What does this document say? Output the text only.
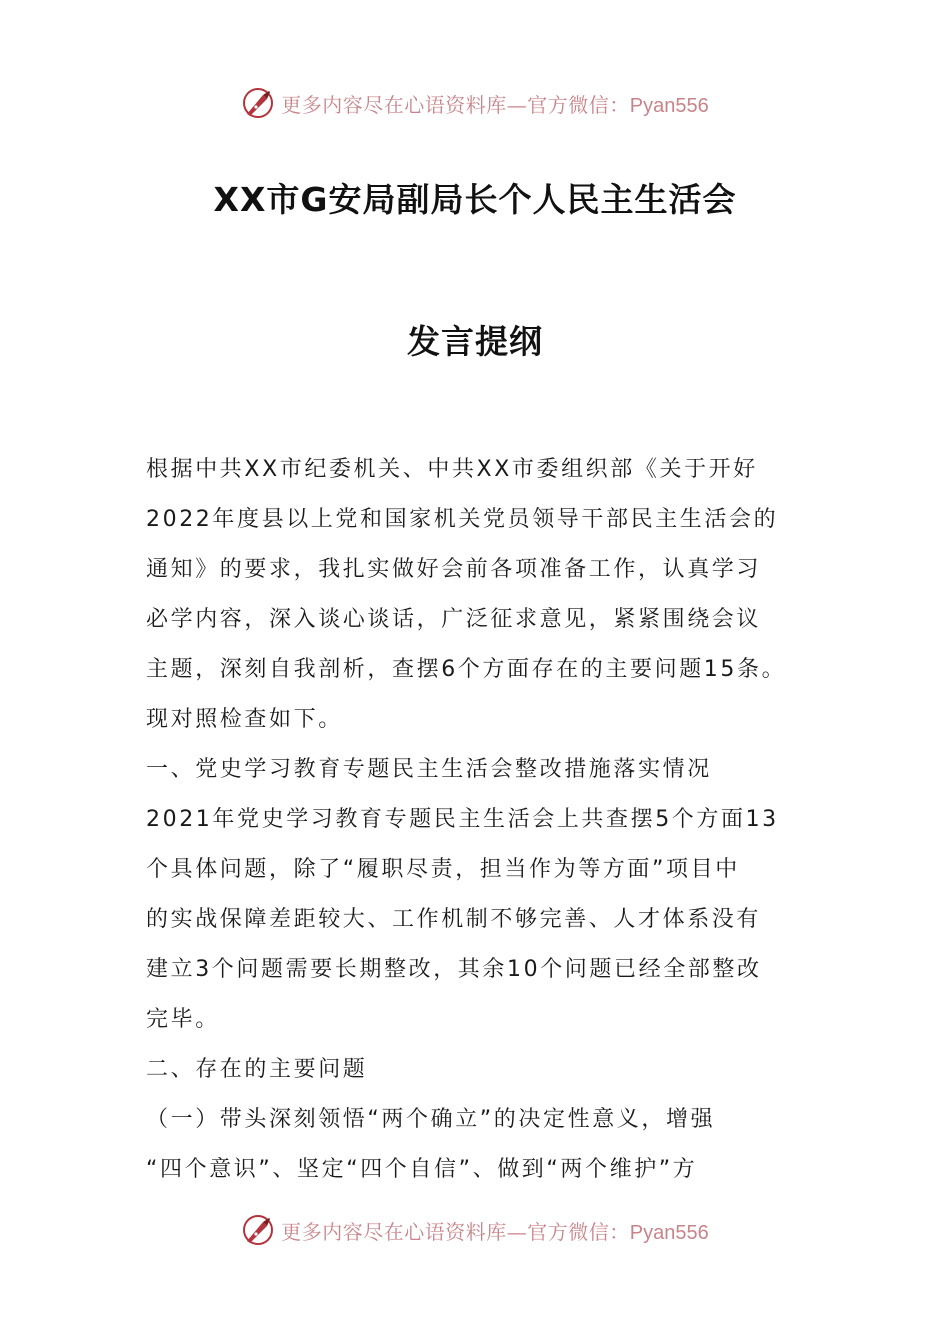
更多内容尽在心语资料库—官方微信：Pyan556
XX市G安局副局长个人民主生活会
发言提纲
根据中共XX市纪委机关、中共XX市委组织部《关于开好
2022年度县以上党和国家机关党员领导干部民主生活会的
通知》的要求，我扎实做好会前各项准备工作，认真学习
必学内容，深入谈心谈话，广泛征求意见，紧紧围绕会议
主题，深刻自我剖析，查摆6个方面存在的主要问题15条。
现对照检查如下。
一、党史学习教育专题民主生活会整改措施落实情况
2021年党史学习教育专题民主生活会上共查摆5个方面13
个具体问题，除了“履职尽责，担当作为等方面”项目中
的实战保障差距较大、工作机制不够完善、人才体系没有
建立3个问题需要长期整改，其余10个问题已经全部整改
完毕。
二、存在的主要问题
（一）带头深刻领悟“两个确立”的决定性意义，增强
“四个意识”、坚定“四个自信”、做到“两个维护”方
更多内容尽在心语资料库—官方微信：Pyan556
